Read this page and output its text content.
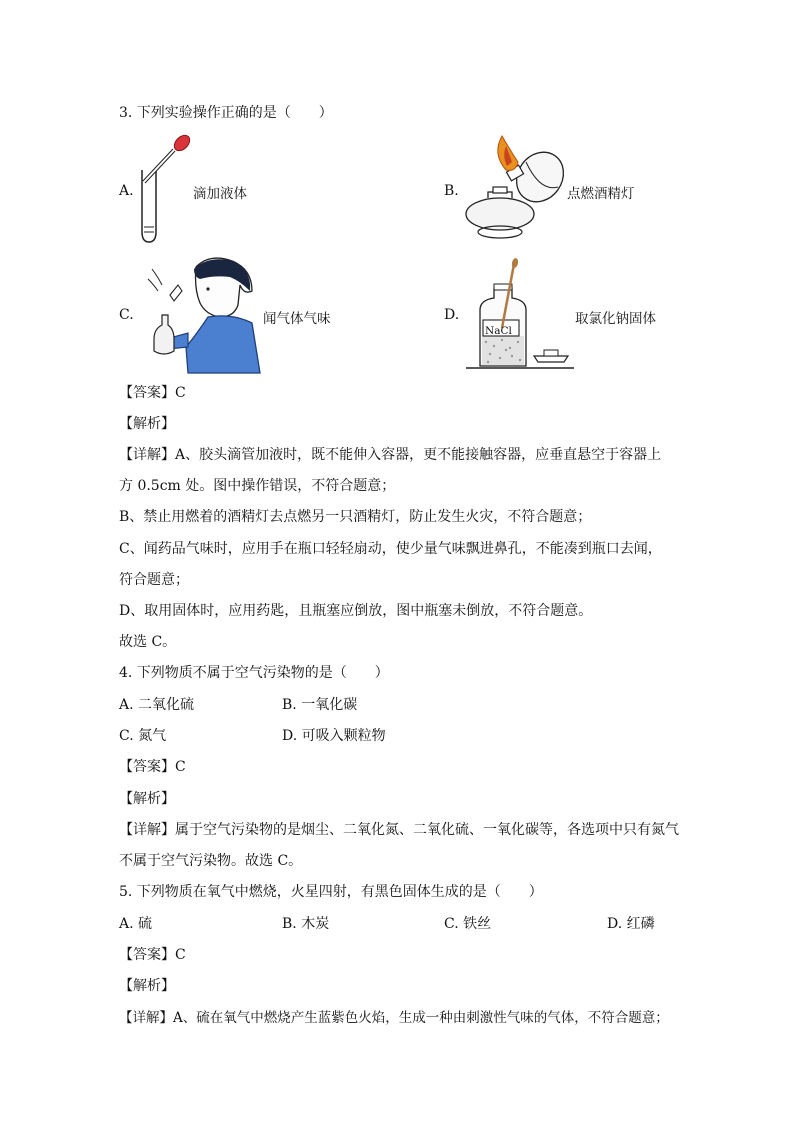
3. 下列实验操作正确的是（　　）
A.	滴加液体	B.	点燃酒精灯
C.	闻气体气味	D.
NaCl
取氯化钠固体
【答案】C
【解析】
【详解】A、胶头滴管加液时，既不能伸入容器，更不能接触容器，应垂直悬空于容器上
方 0.5cm 处。图中操作错误，不符合题意；
B、禁止用燃着的酒精灯去点燃另一只酒精灯，防止发生火灾，不符合题意；
C、闻药品气味时，应用手在瓶口轻轻扇动，使少量气味飘进鼻孔，不能凑到瓶口去闻，
符合题意；
D、取用固体时，应用药匙，且瓶塞应倒放，图中瓶塞未倒放，不符合题意。
故选 C。
4. 下列物质不属于空气污染物的是（　　）
A. 二氧化硫	B. 一氧化碳
C. 氮气	D. 可吸入颗粒物
【答案】C
【解析】
【详解】属于空气污染物的是烟尘、二氧化氮、二氧化硫、一氧化碳等，各选项中只有氮气
不属于空气污染物。故选 C。
5. 下列物质在氧气中燃烧，火星四射，有黑色固体生成的是（　　）
A. 硫	B. 木炭	C. 铁丝	D. 红磷
【答案】C
【解析】
【详解】A、硫在氧气中燃烧产生蓝紫色火焰，生成一种由刺激性气味的气体，不符合题意；
